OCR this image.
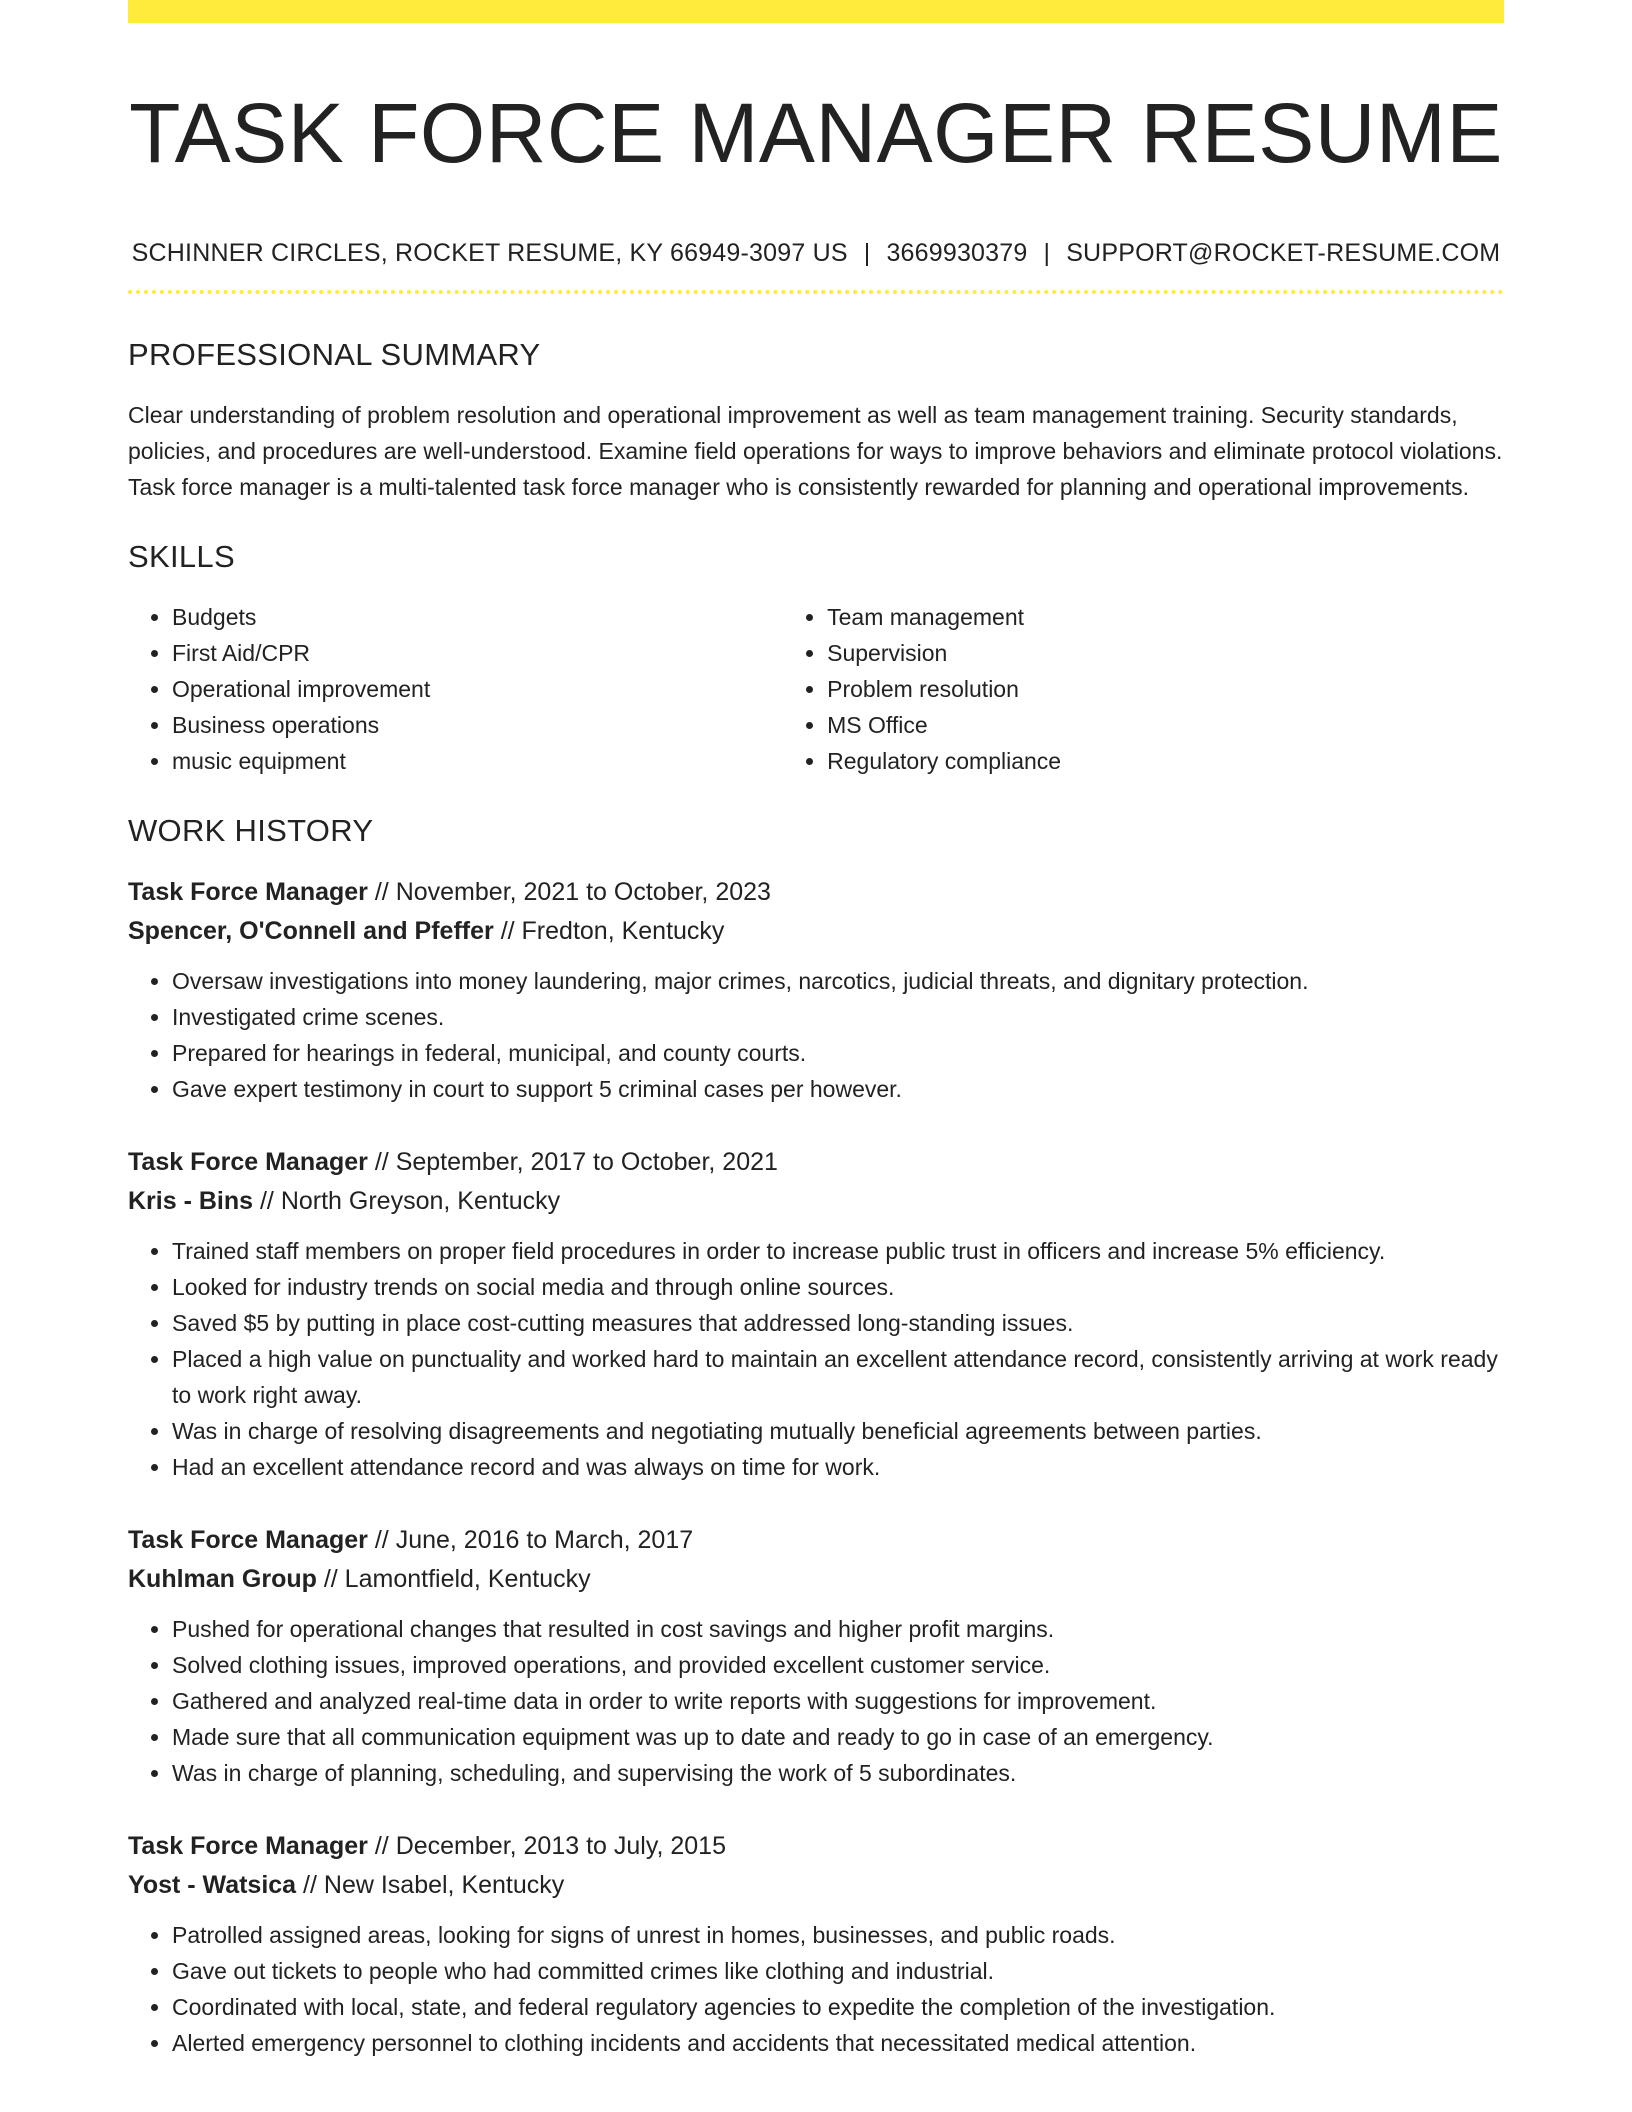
TASK FORCE MANAGER RESUME
SCHINNER CIRCLES, ROCKET RESUME, KY 66949-3097 US | 3669930379 | SUPPORT@ROCKET-RESUME.COM
PROFESSIONAL SUMMARY
Clear understanding of problem resolution and operational improvement as well as team management training. Security standards, policies, and procedures are well-understood. Examine field operations for ways to improve behaviors and eliminate protocol violations. Task force manager is a multi-talented task force manager who is consistently rewarded for planning and operational improvements.
SKILLS
• Budgets
• First Aid/CPR
• Operational improvement
• Business operations
• music equipment
• Team management
• Supervision
• Problem resolution
• MS Office
• Regulatory compliance
WORK HISTORY
Task Force Manager // November, 2021 to October, 2023
Spencer, O'Connell and Pfeffer // Fredton, Kentucky
• Oversaw investigations into money laundering, major crimes, narcotics, judicial threats, and dignitary protection.
• Investigated crime scenes.
• Prepared for hearings in federal, municipal, and county courts.
• Gave expert testimony in court to support 5 criminal cases per however.
Task Force Manager // September, 2017 to October, 2021
Kris - Bins // North Greyson, Kentucky
• Trained staff members on proper field procedures in order to increase public trust in officers and increase 5% efficiency.
• Looked for industry trends on social media and through online sources.
• Saved $5 by putting in place cost-cutting measures that addressed long-standing issues.
• Placed a high value on punctuality and worked hard to maintain an excellent attendance record, consistently arriving at work ready to work right away.
• Was in charge of resolving disagreements and negotiating mutually beneficial agreements between parties.
• Had an excellent attendance record and was always on time for work.
Task Force Manager // June, 2016 to March, 2017
Kuhlman Group // Lamontfield, Kentucky
• Pushed for operational changes that resulted in cost savings and higher profit margins.
• Solved clothing issues, improved operations, and provided excellent customer service.
• Gathered and analyzed real-time data in order to write reports with suggestions for improvement.
• Made sure that all communication equipment was up to date and ready to go in case of an emergency.
• Was in charge of planning, scheduling, and supervising the work of 5 subordinates.
Task Force Manager // December, 2013 to July, 2015
Yost - Watsica // New Isabel, Kentucky
• Patrolled assigned areas, looking for signs of unrest in homes, businesses, and public roads.
• Gave out tickets to people who had committed crimes like clothing and industrial.
• Coordinated with local, state, and federal regulatory agencies to expedite the completion of the investigation.
• Alerted emergency personnel to clothing incidents and accidents that necessitated medical attention.
